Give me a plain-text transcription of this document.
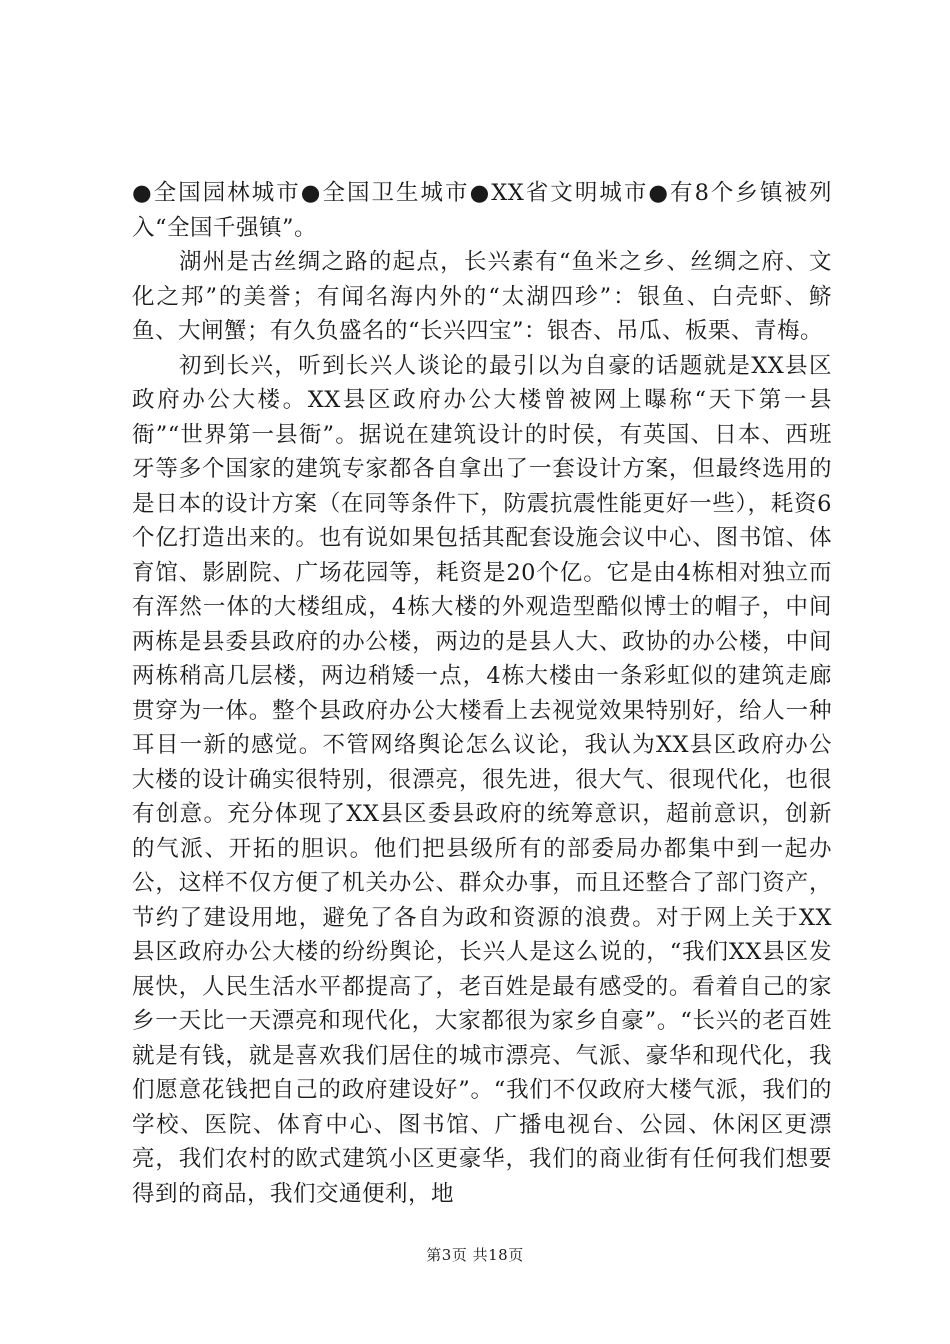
●全国园林城市●全国卫生城市●XX省文明城市●有8个乡镇被列入“全国千强镇”。

湖州是古丝绸之路的起点，长兴素有“鱼米之乡、丝绸之府、文化之邦”的美誉；有闻名海内外的“太湖四珍”：银鱼、白壳虾、鲚鱼、大闸蟹；有久负盛名的“长兴四宝”：银杏、吊瓜、板栗、青梅。

初到长兴，听到长兴人谈论的最引以为自豪的话题就是XX县区政府办公大楼。XX县区政府办公大楼曾被网上曝称“天下第一县衙”“世界第一县衙”。据说在建筑设计的时侯，有英国、日本、西班牙等多个国家的建筑专家都各自拿出了一套设计方案，但最终选用的是日本的设计方案（在同等条件下，防震抗震性能更好一些），耗资6个亿打造出来的。也有说如果包括其配套设施会议中心、图书馆、体育馆、影剧院、广场花园等，耗资是20个亿。它是由4栋相对独立而有浑然一体的大楼组成，4栋大楼的外观造型酷似博士的帽子，中间两栋是县委县政府的办公楼，两边的是县人大、政协的办公楼，中间两栋稍高几层楼，两边稍矮一点，4栋大楼由一条彩虹似的建筑走廊贯穿为一体。整个县政府办公大楼看上去视觉效果特别好，给人一种耳目一新的感觉。不管网络舆论怎么议论，我认为XX县区政府办公大楼的设计确实很特别，很漂亮，很先进，很大气、很现代化，也很有创意。充分体现了XX县区委县政府的统筹意识，超前意识，创新的气派、开拓的胆识。他们把县级所有的部委局办都集中到一起办公，这样不仅方便了机关办公、群众办事，而且还整合了部门资产，节约了建设用地，避免了各自为政和资源的浪费。对于网上关于XX县区政府办公大楼的纷纷舆论，长兴人是这么说的，“我们XX县区发展快，人民生活水平都提高了，老百姓是最有感受的。看着自己的家乡一天比一天漂亮和现代化，大家都很为家乡自豪”。“长兴的老百姓就是有钱，就是喜欢我们居住的城市漂亮、气派、豪华和现代化，我们愿意花钱把自己的政府建设好”。“我们不仅政府大楼气派，我们的学校、医院、体育中心、图书馆、广播电视台、公园、休闲区更漂亮，我们农村的欧式建筑小区更豪华，我们的商业街有任何我们想要得到的商品，我们交通便利，地

第3页 共18页
